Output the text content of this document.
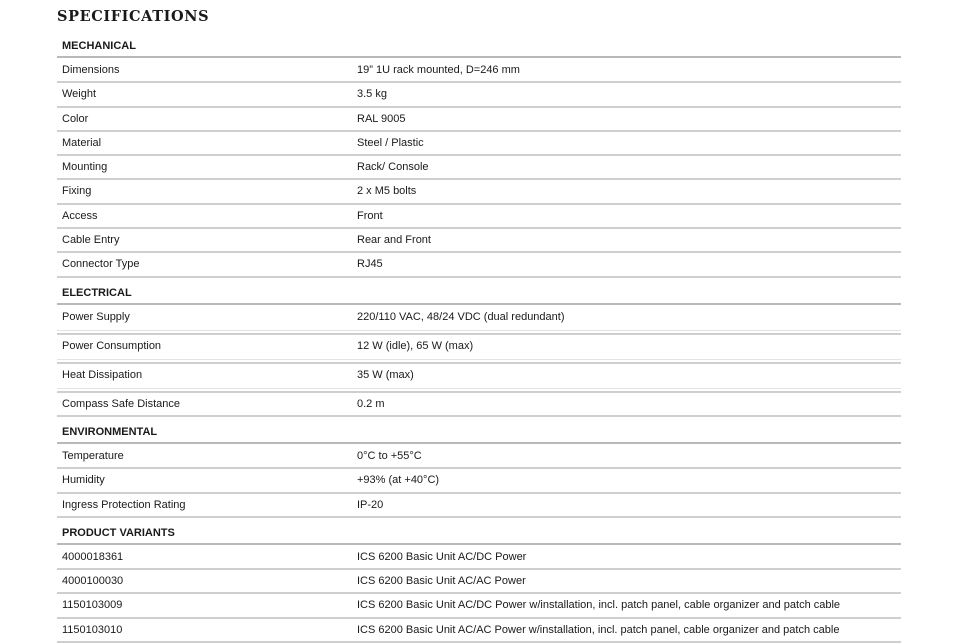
SPECIFICATIONS
MECHANICAL
Dimensions	19” 1U rack mounted, D=246 mm
Weight	3.5 kg
Color	RAL 9005
Material	Steel / Plastic
Mounting	Rack/ Console
Fixing	2 x M5 bolts
Access	Front
Cable Entry	Rear and Front
Connector Type	RJ45
ELECTRICAL
Power Supply	220/110 VAC, 48/24 VDC (dual redundant)
Power Consumption	12 W (idle), 65 W (max)
Heat Dissipation	35 W (max)
Compass Safe Distance	0.2 m
ENVIRONMENTAL
Temperature	0°C to +55°C
Humidity	+93% (at +40°C)
Ingress Protection Rating	IP-20
PRODUCT VARIANTS
4000018361	ICS 6200 Basic Unit AC/DC Power
4000100030	ICS 6200 Basic Unit AC/AC Power
1150103009	ICS 6200 Basic Unit AC/DC Power w/installation, incl. patch panel, cable organizer and patch cable
1150103010	ICS 6200 Basic Unit AC/AC Power w/installation, incl. patch panel, cable organizer and patch cable
